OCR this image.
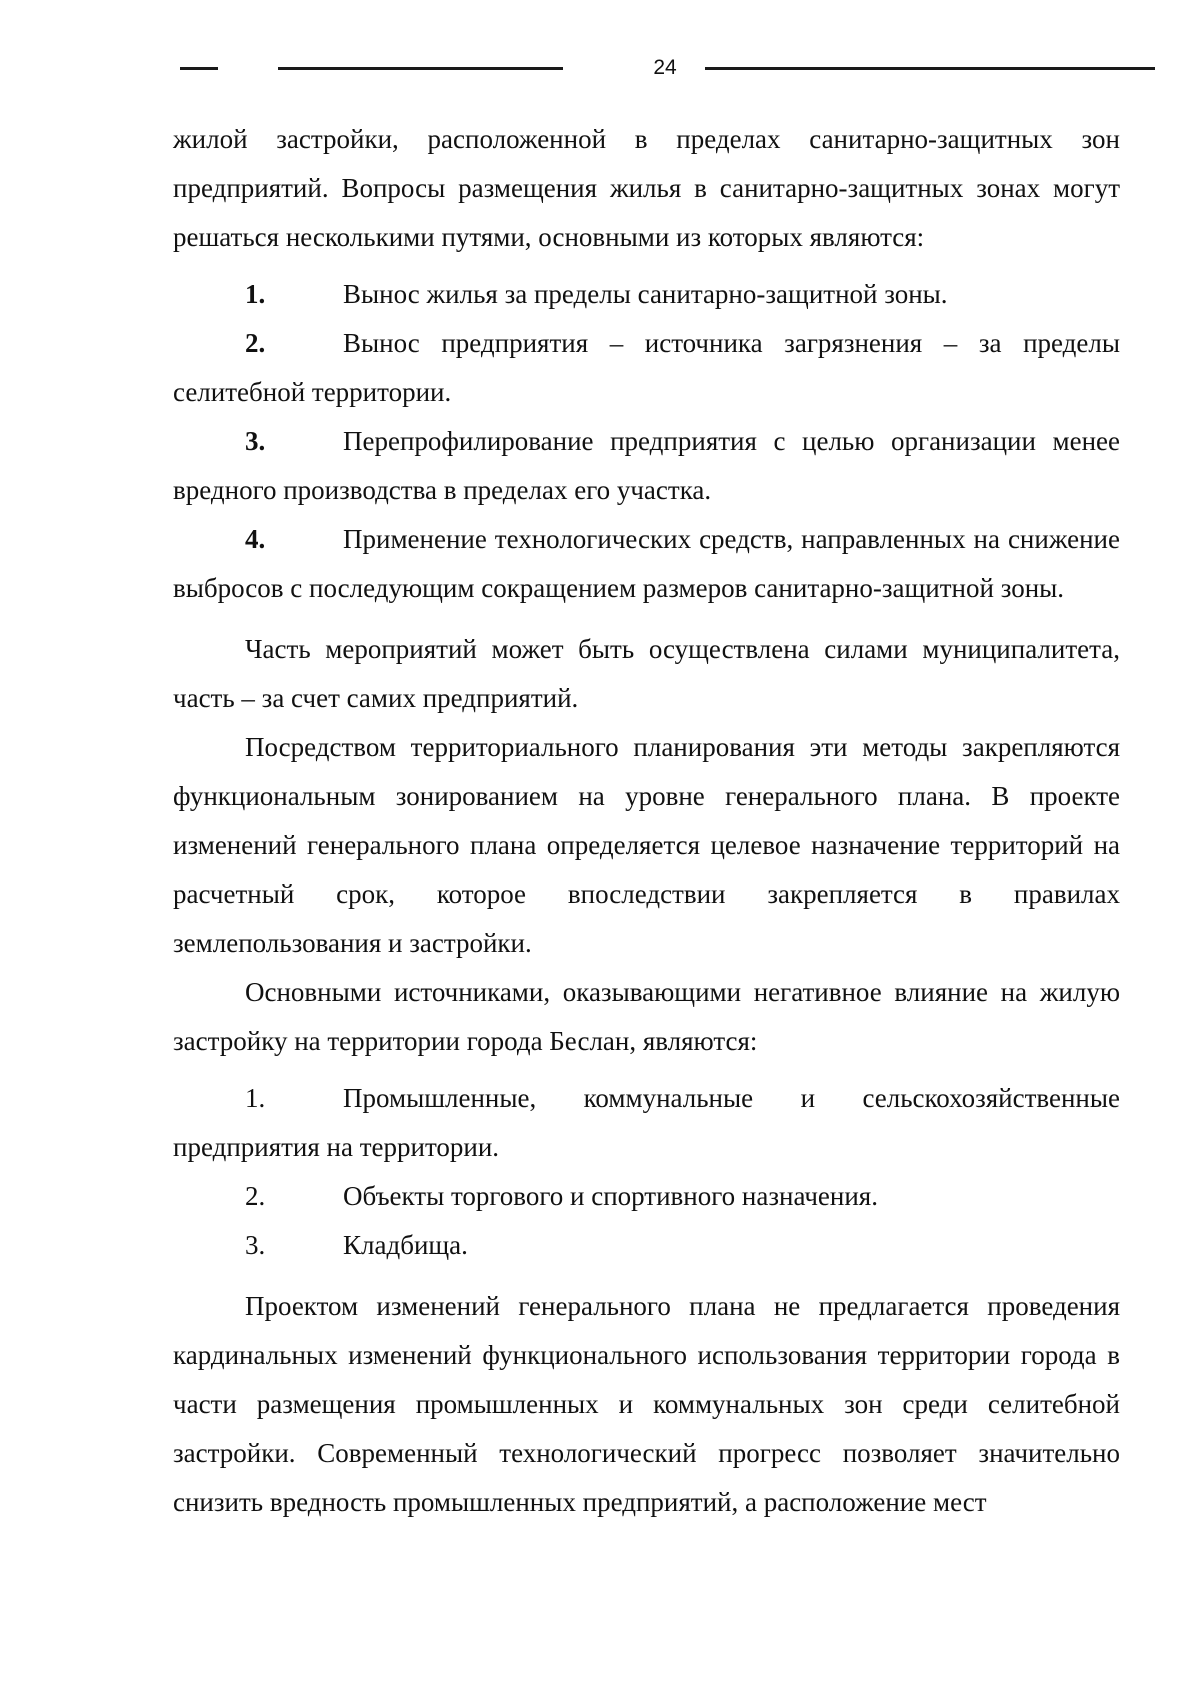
24

жилой застройки, расположенной в пределах санитарно-защитных зон предприятий. Вопросы размещения жилья в санитарно-защитных зонах могут решаться несколькими путями, основными из которых являются:

1.	Вынос жилья за пределы санитарно-защитной зоны.

2.	Вынос предприятия – источника загрязнения – за пределы селитебной территории.

3.	Перепрофилирование предприятия с целью организации менее вредного производства в пределах его участка.

4.	Применение технологических средств, направленных на снижение выбросов с последующим сокращением размеров санитарно-защитной зоны.

Часть мероприятий может быть осуществлена силами муниципалитета, часть – за счет самих предприятий.

Посредством территориального планирования эти методы закрепляются функциональным зонированием на уровне генерального плана. В проекте изменений генерального плана определяется целевое назначение территорий на расчетный срок, которое впоследствии закрепляется в правилах землепользования и застройки.

Основными источниками, оказывающими негативное влияние на жилую застройку на территории города Беслан, являются:

1.	Промышленные, коммунальные и сельскохозяйственные предприятия на территории.

2.	Объекты торгового и спортивного назначения.

3.	Кладбища.

Проектом изменений генерального плана не предлагается проведения кардинальных изменений функционального использования территории города в части размещения промышленных и коммунальных зон среди селитебной застройки. Современный технологический прогресс позволяет значительно снизить вредность промышленных предприятий, а расположение мест
